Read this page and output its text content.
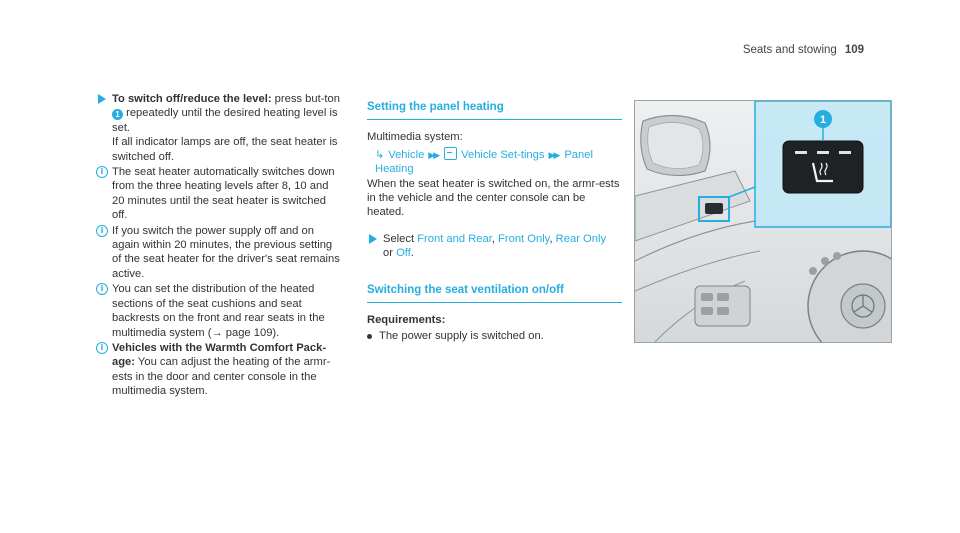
Seats and stowing 109
To switch off/reduce the level: press but-ton 1 repeatedly until the desired heating level is set.
If all indicator lamps are off, the seat heater is switched off.
i The seat heater automatically switches down from the three heating levels after 8, 10 and 20 minutes until the seat heater is switched off.
i If you switch the power supply off and on again within 20 minutes, the previous setting of the seat heater for the driver's seat remains active.
i You can set the distribution of the heated sections of the seat cushions and seat backrests on the front and rear seats in the multimedia system (→ page 109).
i Vehicles with the Warmth Comfort Pack-age: You can adjust the heating of the armr-ests in the door and center console in the multimedia system.
Setting the panel heating
Multimedia system:
↳ Vehicle ▶▶ Vehicle Set-tings ▶▶ Panel Heating
When the seat heater is switched on, the armr-ests in the vehicle and the center console can be heated.
Select Front and Rear, Front Only, Rear Only
or Off.
Switching the seat ventilation on/off
Requirements:
The power supply is switched on.
1
